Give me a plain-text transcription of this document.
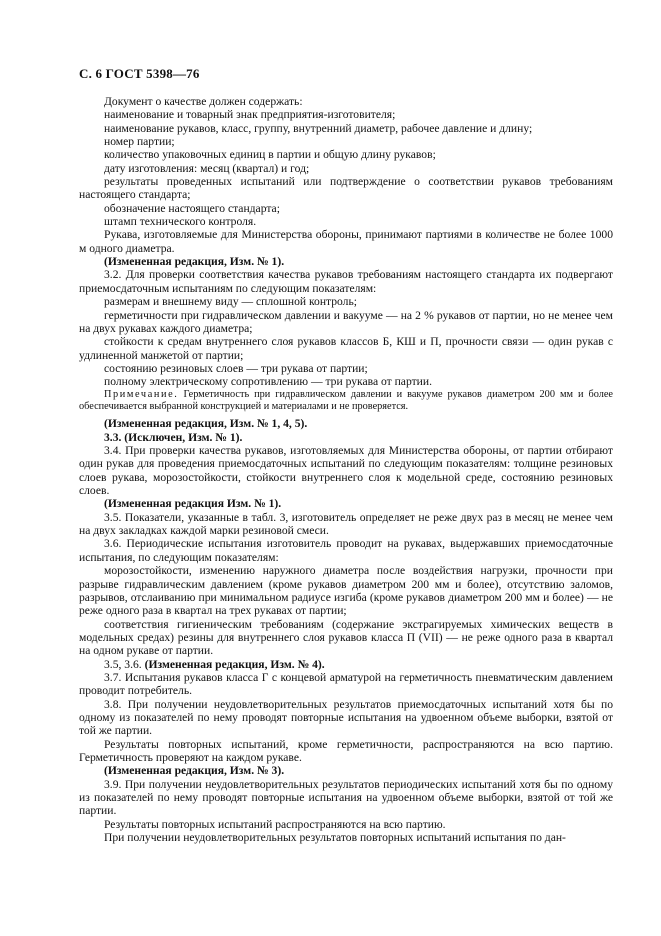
С. 6 ГОСТ 5398—76

Документ о качестве должен содержать:

наименование и товарный знак предприятия-изготовителя;

наименование рукавов, класс, группу, внутренний диаметр, рабочее давление и длину;

номер партии;

количество упаковочных единиц в партии и общую длину рукавов;

дату изготовления: месяц (квартал) и год;

результаты проведенных испытаний или подтверждение о соответствии рукавов требованиям настоящего стандарта;

обозначение настоящего стандарта;

штамп технического контроля.

Рукава, изготовляемые для Министерства обороны, принимают партиями в количестве не более 1000 м одного диаметра.

(Измененная редакция, Изм. № 1).

3.2. Для проверки соответствия качества рукавов требованиям настоящего стандарта их подвергают приемосдаточным испытаниям по следующим показателям:

размерам и внешнему виду — сплошной контроль;

герметичности при гидравлическом давлении и вакууме — на 2 % рукавов от партии, но не менее чем на двух рукавах каждого диаметра;

стойкости к средам внутреннего слоя рукавов классов Б, КШ и П, прочности связи — один рукав с удлиненной манжетой от партии;

состоянию резиновых слоев — три рукава от партии;

полному электрическому сопротивлению — три рукава от партии.

Примечание. Герметичность при гидравлическом давлении и вакууме рукавов диаметром 200 мм и более обеспечивается выбранной конструкцией и материалами и не проверяется.

(Измененная редакция, Изм. № 1, 4, 5).

3.3. (Исключен, Изм. № 1).

3.4. При проверки качества рукавов, изготовляемых для Министерства обороны, от партии отбирают один рукав для проведения приемосдаточных испытаний по следующим показателям: толщине резиновых слоев рукава, морозостойкости, стойкости внутреннего слоя к модельной среде, состоянию резиновых слоев.

(Измененная редакция Изм. № 1).

3.5. Показатели, указанные в табл. 3, изготовитель определяет не реже двух раз в месяц не менее чем на двух закладках каждой марки резиновой смеси.

3.6. Периодические испытания изготовитель проводит на рукавах, выдержавших приемосдаточные испытания, по следующим показателям:

морозостойкости, изменению наружного диаметра после воздействия нагрузки, прочности при разрыве гидравлическим давлением (кроме рукавов диаметром 200 мм и более), отсутствию заломов, разрывов, отслаиванию при минимальном радиусе изгиба (кроме рукавов диаметром 200 мм и более) — не реже одного раза в квартал на трех рукавах от партии;

соответствия гигиеническим требованиям (содержание экстрагируемых химических веществ в модельных средах) резины для внутреннего слоя рукавов класса П (VII) — не реже одного раза в квартал на одном рукаве от партии.

3.5, 3.6. (Измененная редакция, Изм. № 4).

3.7. Испытания рукавов класса Г с концевой арматурой на герметичность пневматическим давлением проводит потребитель.

3.8. При получении неудовлетворительных результатов приемосдаточных испытаний хотя бы по одному из показателей по нему проводят повторные испытания на удвоенном объеме выборки, взятой от той же партии.

Результаты повторных испытаний, кроме герметичности, распространяются на всю партию. Герметичность проверяют на каждом рукаве.

(Измененная редакция, Изм. № 3).

3.9. При получении неудовлетворительных результатов периодических испытаний хотя бы по одному из показателей по нему проводят повторные испытания на удвоенном объеме выборки, взятой от той же партии.

Результаты повторных испытаний распространяются на всю партию.

При получении неудовлетворительных результатов повторных испытаний испытания по дан-
